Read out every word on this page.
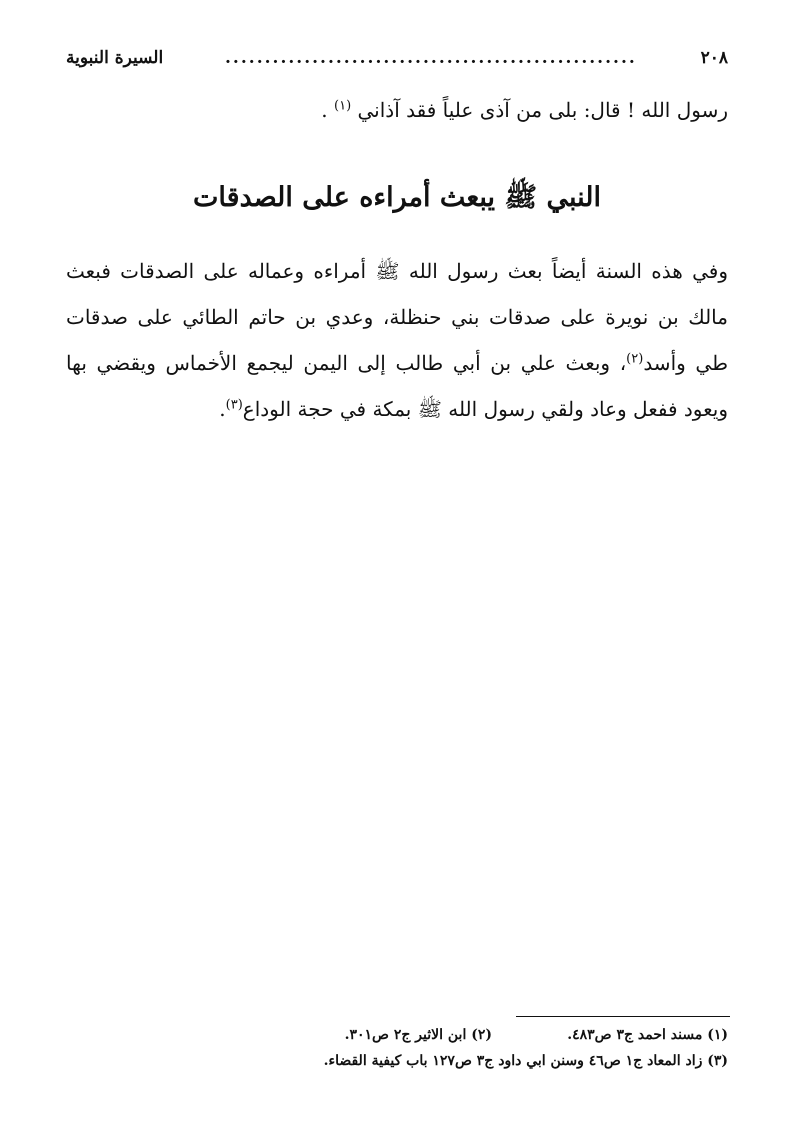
٢٠٨
....................................................
السيرة النبوية
رسول الله ! قال: بلى من آذى علياً فقد آذاني $^{(١)}$ .
النبي ﷺ يبعث أمراءه على الصدقات

وفي هذه السنة أيضاً بعث رسول الله ﷺ أمراءه وعماله على الصدقات فبعث مالك بن نويرة على صدقات بني حنظلة، وعدي بن حاتم الطائي على صدقات طي وأسد$^{(٢)}$، وبعث علي بن أبي طالب إلى اليمن ليجمع الأخماس ويقضي بها ويعود ففعل وعاد ولقي رسول الله ﷺ بمكة في حجة الوداع$^{(٣)}$.

(١) مسند احمد ج٣ ص٤٨٣.
(٢) ابن الاثير ج٢ ص٣٠١.
(٣) زاد المعاد ج١ ص٤٦ وسنن ابي داود ج٣ ص١٢٧ باب كيفية القضاء.
